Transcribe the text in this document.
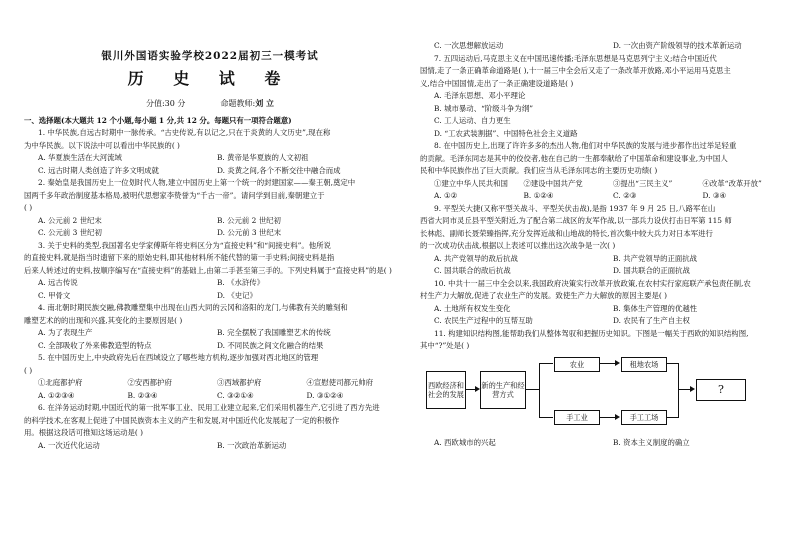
银川外国语实验学校2022届初三一模考试
历 史 试 卷
分值:30 分	命题教师:刘 立

一、选择题(本大题共 12 个小题,每小题 1 分,共 12 分。每题只有一项符合题意)

1. 中华民族,自远古时期中一脉传承。“古史传说,有以记之,只在于炎黄的人文历史”,现在称

为中华民族。以下说法中可以看出中华民族的( )

A. 华夏族生活在大河流域	B. 黄帝是华夏族的人文初祖
C. 远古时期人类创造了许多文明成就	D. 炎黄之间,各个不断交往中融合而成

2. 秦始皇是我国历史上一位划时代人物,建立中国历史上第一个统一的封建国家——秦王朝,奠定中

国两千多年政治制度基本格局,被明代思想家李贽誉为“千古一帝”。请问学到目前,秦朝建立于

( )

A. 公元前 2 世纪末	B. 公元前 2 世纪初
C. 公元前 3 世纪初	D. 公元前 3 世纪末

3. 关于史料的类型,我国著名史学家傅斯年将史料区分为“直接史料”和“间接史料”。他所说

的直接史料,就是指当时遗留下来的原始史料,即其他材料所不能代替的第一手史料;间接史料是指

后来人转述过的史料,按顺序编写在“直接史料”的基础上,由第二手甚至第三手的。下列史料属于“直接史料”的是( )

A. 远古传说	B. 《水浒传》
C. 甲骨文	D. 《史记》

4. 南北朝时期民族交融,佛教雕塑集中出现在山西大同的云冈和洛阳的龙门,与佛教有关的雕刻和

雕塑艺术的的出现和兴盛,其变化的主要原因是( )

A. 为了表现生产	B. 完全摆脱了我国雕塑艺术的传统
C. 全部吸收了外来佛教造型的特点	D. 不同民族之间文化融合的结果

5. 在中国历史上,中央政府先后在西域设立了哪些地方机构,逐步加强对西北地区的管理

( )

①北庭都护府	②安西都护府	③西域都护府	④宣慰使司都元帅府
A. ①②③④	B. ②③④	C. ③②①④	D. ③①②④

6. 在洋务运动时期,中国近代的第一批军事工业、民用工业建立起来,它们采用机器生产,它引进了西方先进

的科学技术,在客观上促进了中国民族资本主义的产生和发展,对中国近代化发展起了一定的积极作

用。根据这段话可推知这场运动是( )

A. 一次近代化运动	B. 一次政治革新运动
C. 一次思想解放运动	D. 一次由资产阶级领导的技术革新运动

7. 五四运动后,马克思主义在中国迅速传播;毛泽东思想是马克思列宁主义;结合中国近代

国情,走了一条正确革命道路是( ),十一届三中全会后又走了一条改革开放路,邓小平运用马克思主

义,结合中国国情,走出了一条正确建设道路是( )

A. 毛泽东思想、邓小平理论

B. 城市暴动、“阶级斗争为纲”

C. 工人运动、自力更生

D. “工农武装割据”、中国特色社会主义道路

8. 在中国历史上,出现了许许多多的杰出人物,他们对中华民族的发展与进步都作出过举足轻重

的贡献。毛泽东同志是其中的佼佼者,他在自己的一生都奉献给了中国革命和建设事业,为中国人

民和中华民族作出了巨大贡献。我们应当从毛泽东同志的主要历史功绩( )

①建立中华人民共和国	②建设中国共产党	③提出“三民主义”	④改革“改革开放”
A. ①②	B. ①②④	C. ②③	D. ③④

9. 平型关大捷(又称平型关战斗、平型关伏击战),是指 1937 年 9 月 25 日,八路军在山

西省大同市灵丘县平型关附近,为了配合第二战区的友军作战,以一部兵力设伏打击日军第 115 师

长林彪、副师长聂荣臻指挥,充分发挥近战和山地战的特长,首次集中较大兵力对日本军进行

的一次成功伏击战,根据以上表述可以推出这次战争是一次( )

A. 共产党领导的敌后抗战	B. 共产党领导的正面抗战
C. 国共联合的敌后抗战	D. 国共联合的正面抗战

10. 中共十一届三中全会以来,我国政府决策实行改革开放政策,在农村实行家庭联产承包责任制,农

村生产力大解放,促进了农业生产的发展。致使生产力大解放的原因主要是( )

A. 土地所有权发生变化	B. 集体生产管理的优越性
C. 农民生产过程中的互帮互助	D. 农民有了生产自主权

11. 构建知识结构图,能帮助我们从整体驾驭和把握历史知识。下图是一幅关于西欧的知识结构图,

其中“?”处是( )

西欧经济和社会的发展
新的生产和经营方式
农业
手工业
租地农场
手工工场
?
A. 西欧城市的兴起	B. 资本主义制度的确立
